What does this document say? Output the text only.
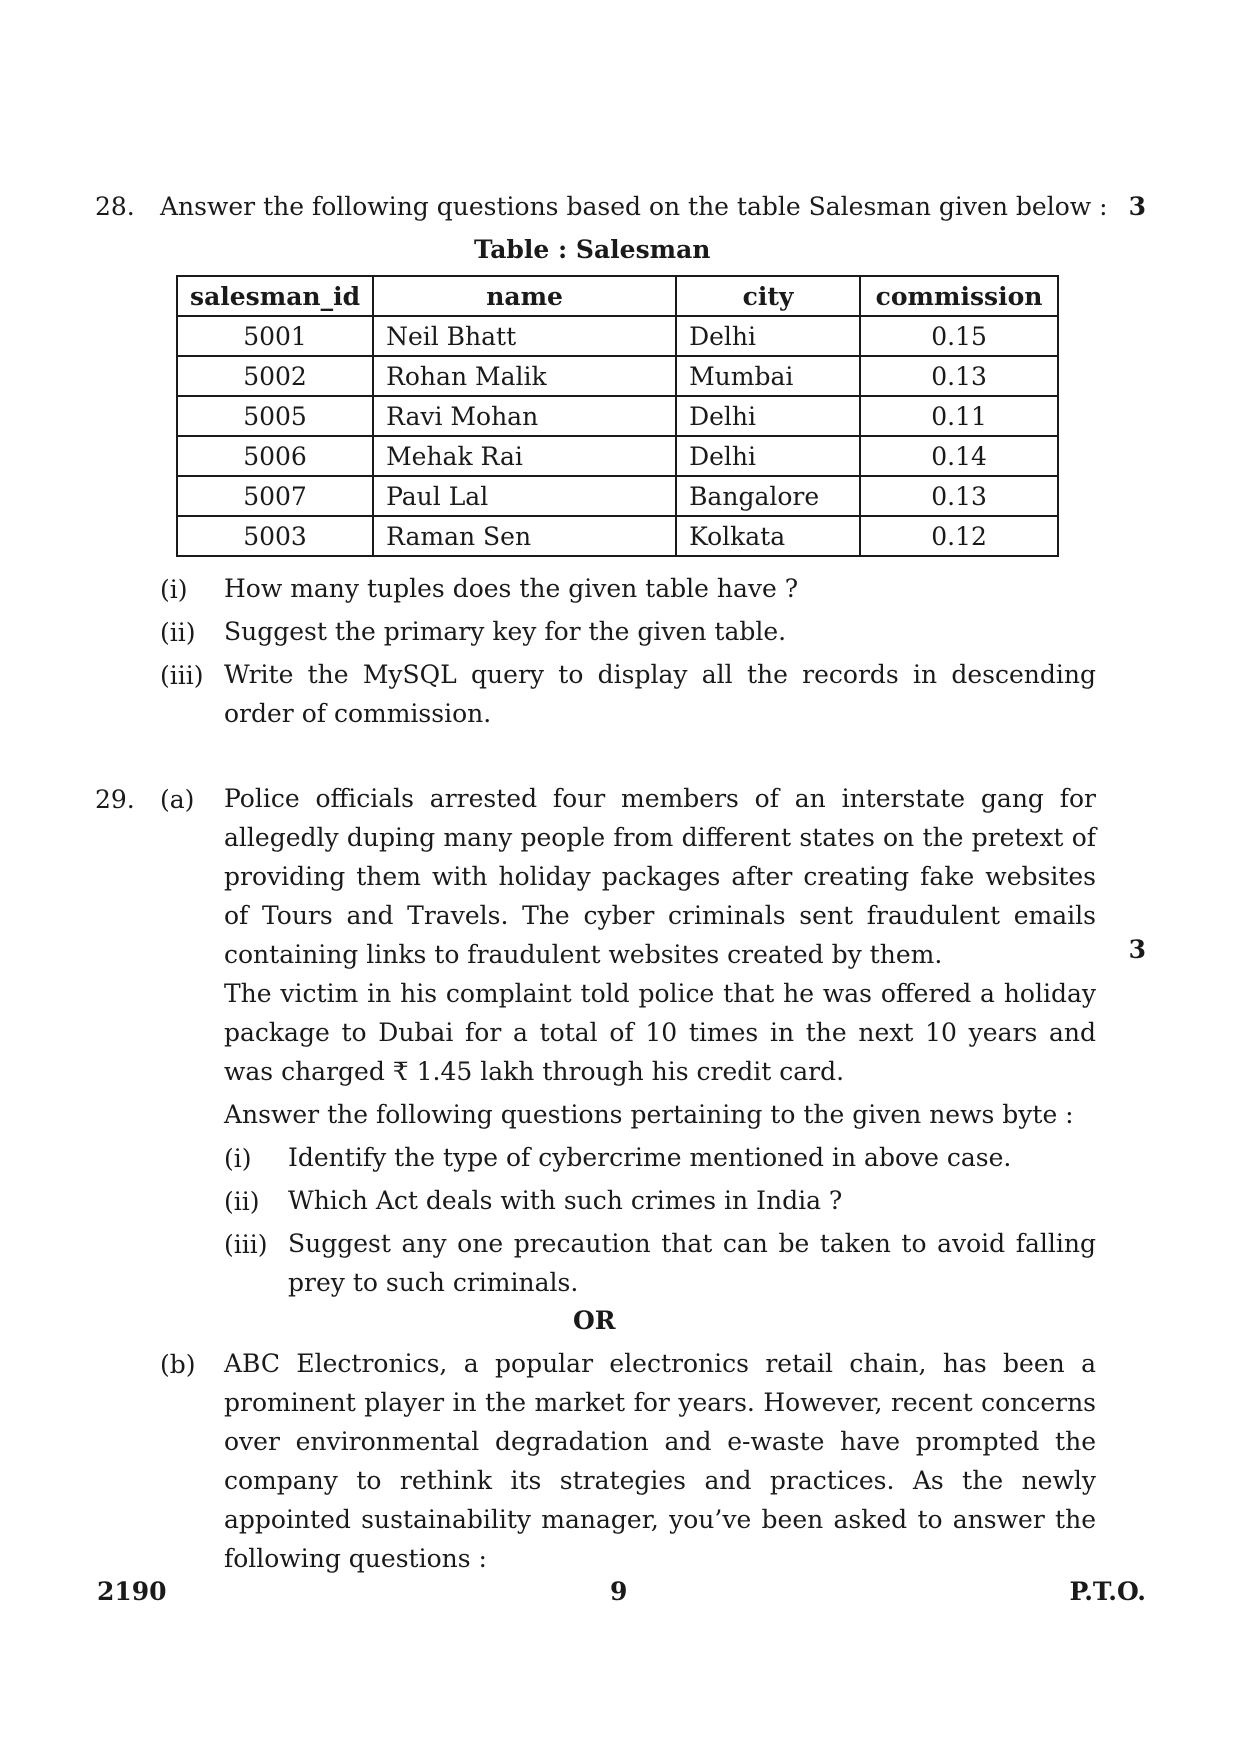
28. Answer the following questions based on the table Salesman given below : 3
Table : Salesman
salesman_id	name	city	commission
5001	Neil Bhatt	Delhi	0.15
5002	Rohan Malik	Mumbai	0.13
5005	Ravi Mohan	Delhi	0.11
5006	Mehak Rai	Delhi	0.14
5007	Paul Lal	Bangalore	0.13
5003	Raman Sen	Kolkata	0.12
(i) How many tuples does the given table have ?
(ii) Suggest the primary key for the given table.
(iii) Write the MySQL query to display all the records in descending order of commission.
29. (a) Police officials arrested four members of an interstate gang for allegedly duping many people from different states on the pretext of providing them with holiday packages after creating fake websites of Tours and Travels. The cyber criminals sent fraudulent emails containing links to fraudulent websites created by them.	3
The victim in his complaint told police that he was offered a holiday package to Dubai for a total of 10 times in the next 10 years and was charged ₹ 1.45 lakh through his credit card.
Answer the following questions pertaining to the given news byte :
(i) Identify the type of cybercrime mentioned in above case.
(ii) Which Act deals with such crimes in India ?
(iii) Suggest any one precaution that can be taken to avoid falling prey to such criminals.
OR
(b) ABC Electronics, a popular electronics retail chain, has been a prominent player in the market for years. However, recent concerns over environmental degradation and e-waste have prompted the company to rethink its strategies and practices. As the newly appointed sustainability manager, you’ve been asked to answer the following questions :
2190	9	P.T.O.
